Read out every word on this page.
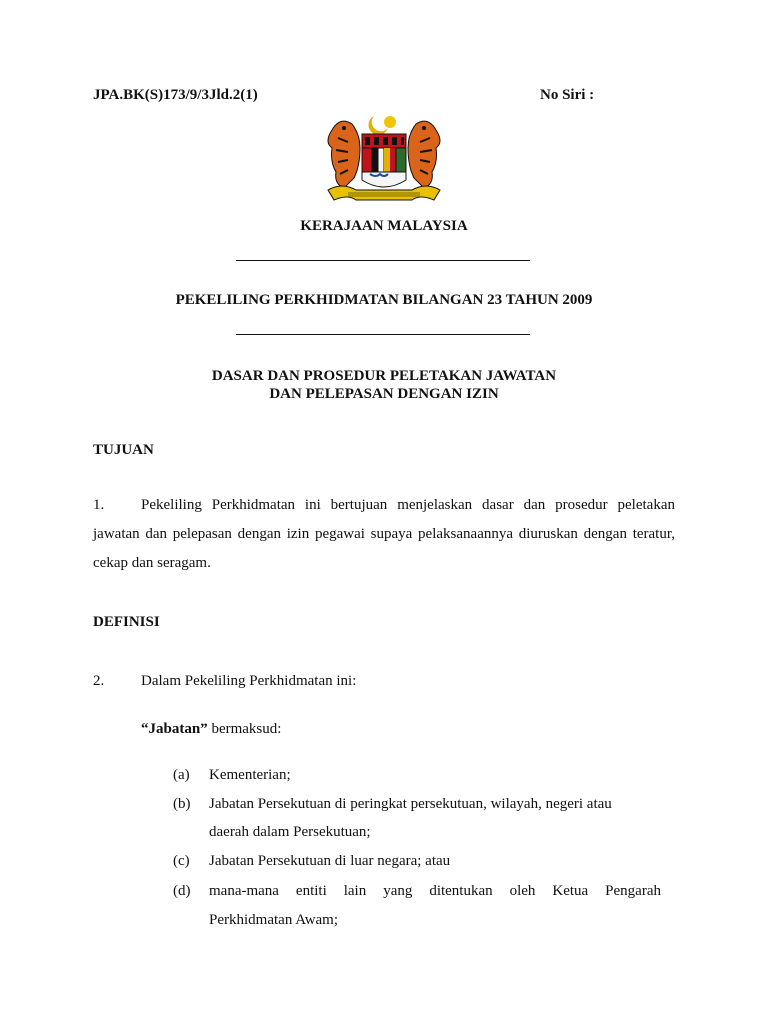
JPA.BK(S)173/9/3Jld.2(1)	No Siri :
KERAJAAN MALAYSIA
PEKELILING PERKHIDMATAN BILANGAN 23 TAHUN 2009
DASAR DAN PROSEDUR PELETAKAN JAWATAN
DAN PELEPASAN DENGAN IZIN
TUJUAN
1. Pekeliling Perkhidmatan ini bertujuan menjelaskan dasar dan prosedur peletakan jawatan dan pelepasan dengan izin pegawai supaya pelaksanaannya diuruskan dengan teratur, cekap dan seragam.
DEFINISI
2. Dalam Pekeliling Perkhidmatan ini:
“Jabatan” bermaksud:
(a) Kementerian;
(b) Jabatan Persekutuan di peringkat persekutuan, wilayah, negeri atau
daerah dalam Persekutuan;
(c) Jabatan Persekutuan di luar negara; atau
(d) mana-mana entiti lain yang ditentukan oleh Ketua Pengarah
Perkhidmatan Awam;
